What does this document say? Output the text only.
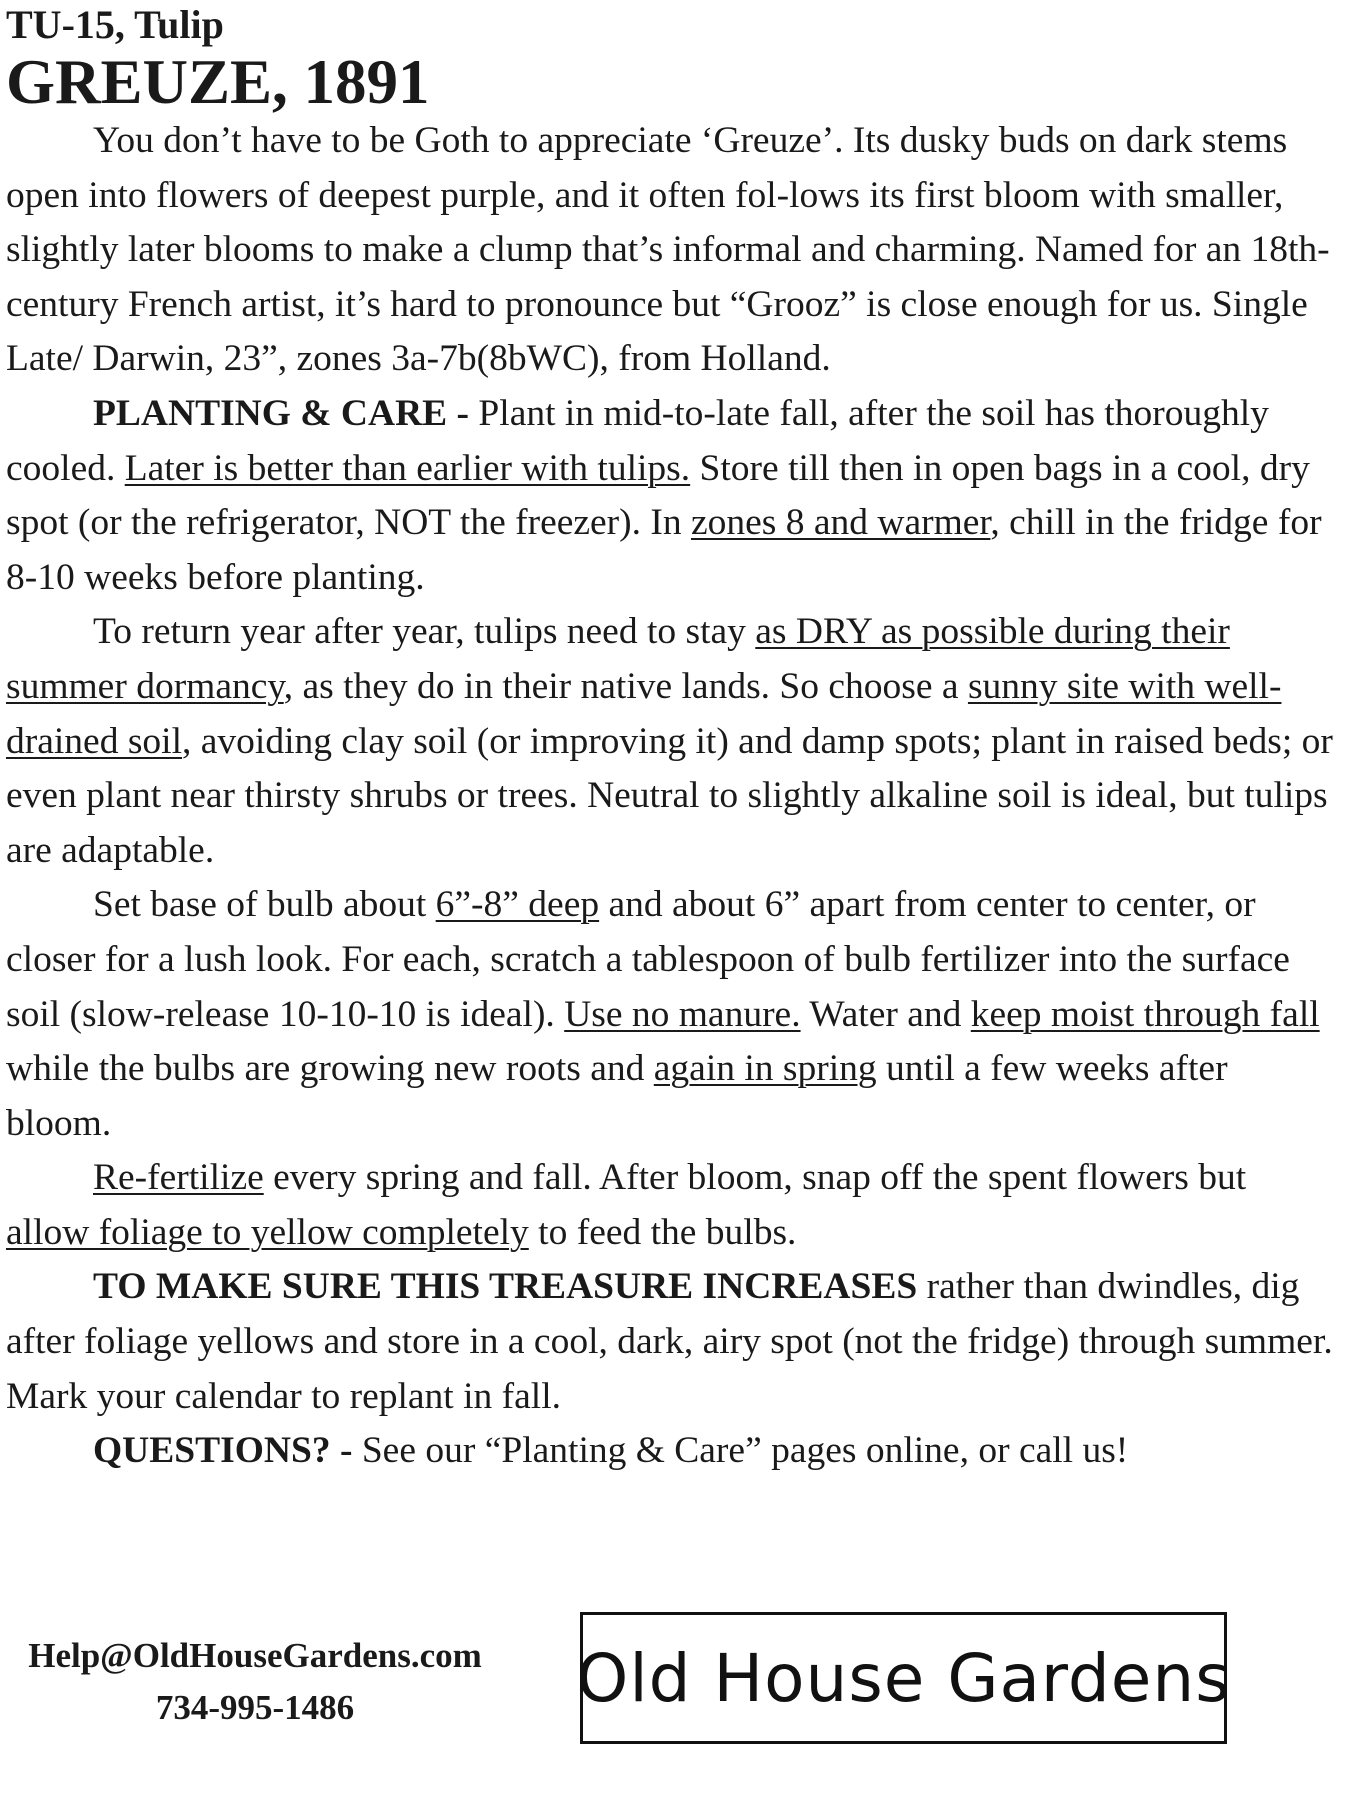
TU-15, Tulip
GREUZE, 1891

You don’t have to be Goth to appreciate ‘Greuze’. Its dusky buds on dark stems open into flowers of deepest purple, and it often fol-lows its first bloom with smaller, slightly later blooms to make a clump that’s informal and charming. Named for an 18th-century French artist, it’s hard to pronounce but “Grooz” is close enough for us. Single Late/ Darwin, 23”, zones 3a-7b(8bWC), from Holland.

PLANTING & CARE - Plant in mid-to-late fall, after the soil has thoroughly cooled. Later is better than earlier with tulips. Store till then in open bags in a cool, dry spot (or the refrigerator, NOT the freezer). In zones 8 and warmer, chill in the fridge for 8-10 weeks before planting.

To return year after year, tulips need to stay as DRY as possible during their summer dormancy, as they do in their native lands. So choose a sunny site with well-drained soil, avoiding clay soil (or improving it) and damp spots; plant in raised beds; or even plant near thirsty shrubs or trees. Neutral to slightly alkaline soil is ideal, but tulips are adaptable.

Set base of bulb about 6”-8” deep and about 6” apart from center to center, or closer for a lush look. For each, scratch a tablespoon of bulb fertilizer into the surface soil (slow-release 10-10-10 is ideal). Use no manure. Water and keep moist through fall while the bulbs are growing new roots and again in spring until a few weeks after bloom.

Re-fertilize every spring and fall. After bloom, snap off the spent flowers but allow foliage to yellow completely to feed the bulbs.

TO MAKE SURE THIS TREASURE INCREASES rather than dwindles, dig after foliage yellows and store in a cool, dark, airy spot (not the fridge) through summer. Mark your calendar to replant in fall.

QUESTIONS? - See our “Planting & Care” pages online, or call us!

Help@OldHouseGardens.com
734-995-1486	Old House Gardens
